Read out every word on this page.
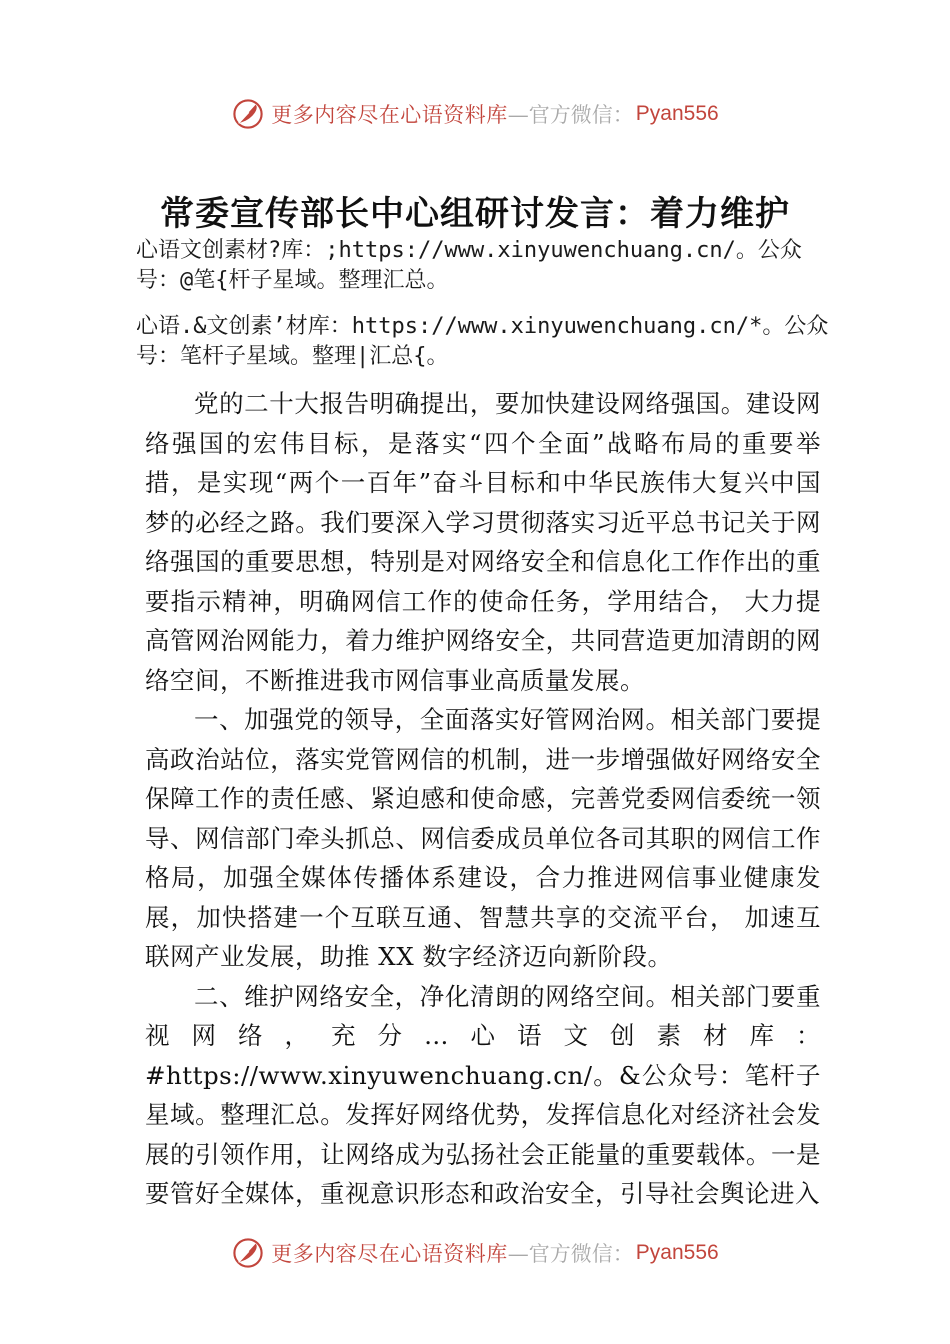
更多内容尽在心语资料库 —官方微信： Pyan556
常委宣传部长中心组研讨发言：着力维护

心语文创素材?库：;https://www.xinyuwenchuang.cn/。公众号：@笔{杆子星域。整理汇总。

心语.&文创素’材库：https://www.xinyuwenchuang.cn/*。公众号：笔杆子星域。整理|汇总{。

党的二十大报告明确提出，要加快建设网络强国。建设网络强国的宏伟目标，是落实“四个全面”战略布局的重要举措，是实现“两个一百年”奋斗目标和中华民族伟大复兴中国梦的必经之路。我们要深入学习贯彻落实习近平总书记关于网络强国的重要思想，特别是对网络安全和信息化工作作出的重要指示精神，明确网信工作的使命任务，学用结合， 大力提高管网治网能力，着力维护网络安全，共同营造更加清朗的网络空间，不断推进我市网信事业高质量发展。

一、加强党的领导，全面落实好管网治网。相关部门要提高政治站位，落实党管网信的机制，进一步增强做好网络安全保障工作的责任感、紧迫感和使命感，完善党委网信委统一领导、网信部门牵头抓总、网信委成员单位各司其职的网信工作格局，加强全媒体传播体系建设，合力推进网信事业健康发展，加快搭建一个互联互通、智慧共享的交流平台， 加速互联网产业发展，助推 XX 数字经济迈向新阶段。

二、维护网络安全，净化清朗的网络空间。相关部门要重视网络，充分…心语文创素材库：#https://www.xinyuwenchuang.cn/。&公众号：笔杆子星域。整理汇总。发挥好网络优势，发挥信息化对经济社会发展的引领作用，让网络成为弘扬社会正能量的重要载体。一是要管好全媒体，重视意识形态和政治安全，引导社会舆论进入

更多内容尽在心语资料库 —官方微信： Pyan556
